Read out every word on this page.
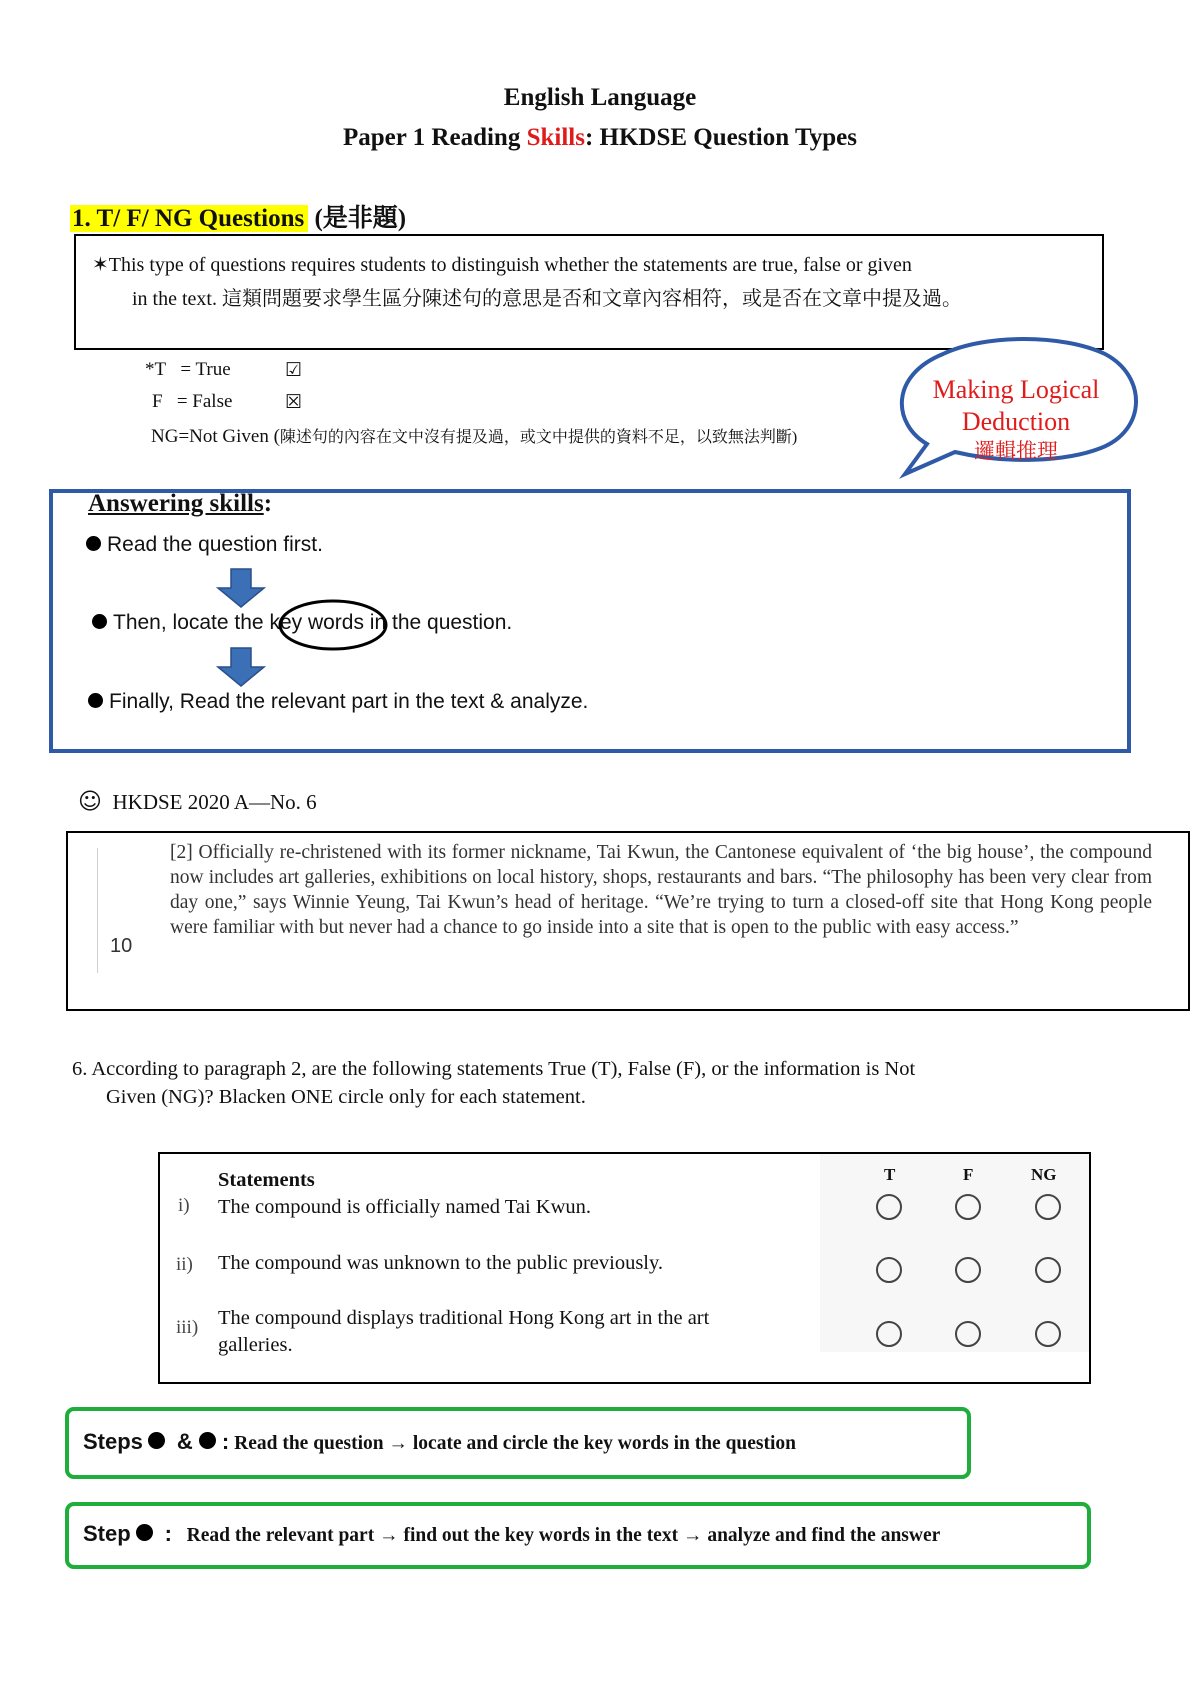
English Language
Paper 1 Reading Skills: HKDSE Question Types
1. T/ F/ NG Questions (是非題)
✶This type of questions requires students to distinguish whether the statements are true, false or given
in the text. 這類問題要求學生區分陳述句的意思是否和文章內容相符，或是否在文章中提及過。
*T = True	☑
F = False	☒
NG=Not Given (陳述句的內容在文中沒有提及過，或文中提供的資料不足，以致無法判斷)
Making Logical
Deduction
邏輯推理
Answering skills:
Read the question first.
Then, locate the key words in the question.
Finally, Read the relevant part in the text & analyze.
☺ HKDSE 2020 A—No. 6
10
[2] Officially re-christened with its former nickname, Tai Kwun, the Cantonese equivalent of ‘the big house’, the compound now includes art galleries, exhibitions on local history, shops, restaurants and bars. “The philosophy has been very clear from day one,” says Winnie Yeung, Tai Kwun’s head of heritage. “We’re trying to turn a closed-off site that Hong Kong people were familiar with but never had a chance to go inside into a site that is open to the public with easy access.”
6. According to paragraph 2, are the following statements True (T), False (F), or the information is Not
Given (NG)? Blacken ONE circle only for each statement.
Statements	T	F	NG
i) The compound is officially named Tai Kwun.
ii) The compound was unknown to the public previously.
iii) The compound displays traditional Hong Kong art in the art
galleries.
Steps  & : Read the question → locate and circle the key words in the question
Step  : Read the relevant part → find out the key words in the text → analyze and find the answer
